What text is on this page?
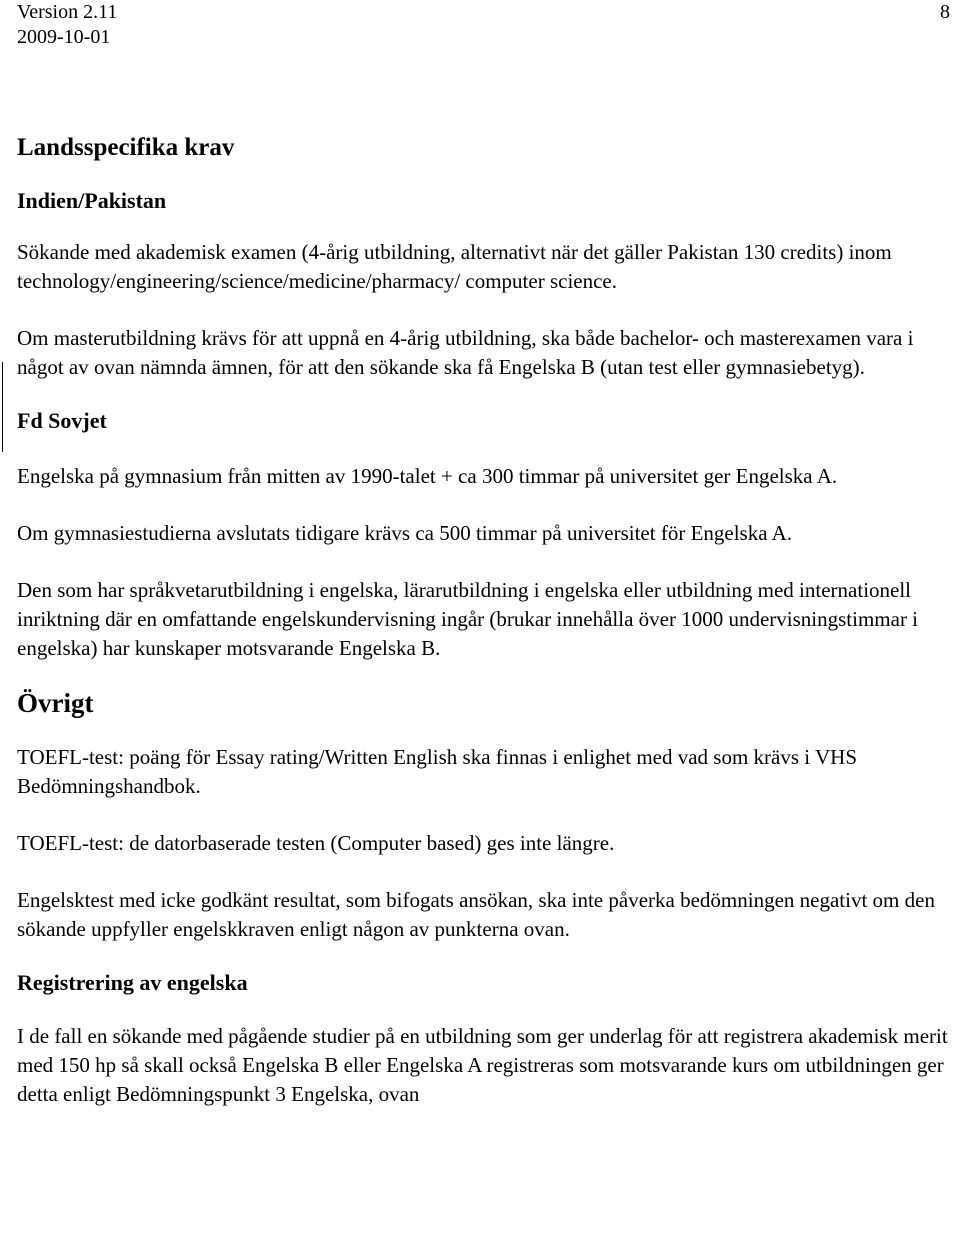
Version 2.11
2009-10-01
8
Landsspecifika krav
Indien/Pakistan

Sökande med akademisk examen (4-årig utbildning, alternativt när det gäller Pakistan 130 credits) inom technology/engineering/science/medicine/pharmacy/ computer science.

Om masterutbildning krävs för att uppnå en 4-årig utbildning, ska både bachelor- och masterexamen vara i något av ovan nämnda ämnen, för att den sökande ska få Engelska B (utan test eller gymnasiebetyg).

Fd Sovjet

Engelska på gymnasium från mitten av 1990-talet + ca 300 timmar på universitet ger Engelska A.

Om gymnasiestudierna avslutats tidigare krävs ca 500 timmar på universitet för Engelska A.

Den som har språkvetarutbildning i engelska, lärarutbildning i engelska eller utbildning med internationell inriktning där en omfattande engelskundervisning ingår (brukar innehålla över 1000 undervisningstimmar i engelska) har kunskaper motsvarande Engelska B.

Övrigt

TOEFL-test: poäng för Essay rating/Written English ska finnas i enlighet med vad som krävs i VHS Bedömningshandbok.

TOEFL-test: de datorbaserade testen (Computer based) ges inte längre.

Engelsktest med icke godkänt resultat, som bifogats ansökan, ska inte påverka bedömningen negativt om den sökande uppfyller engelskkraven enligt någon av punkterna ovan.

Registrering av engelska

I de fall en sökande med pågående studier på en utbildning som ger underlag för att registrera akademisk merit med 150 hp så skall också Engelska B eller Engelska A registreras som motsvarande kurs om utbildningen ger detta enligt Bedömningspunkt 3 Engelska, ovan
